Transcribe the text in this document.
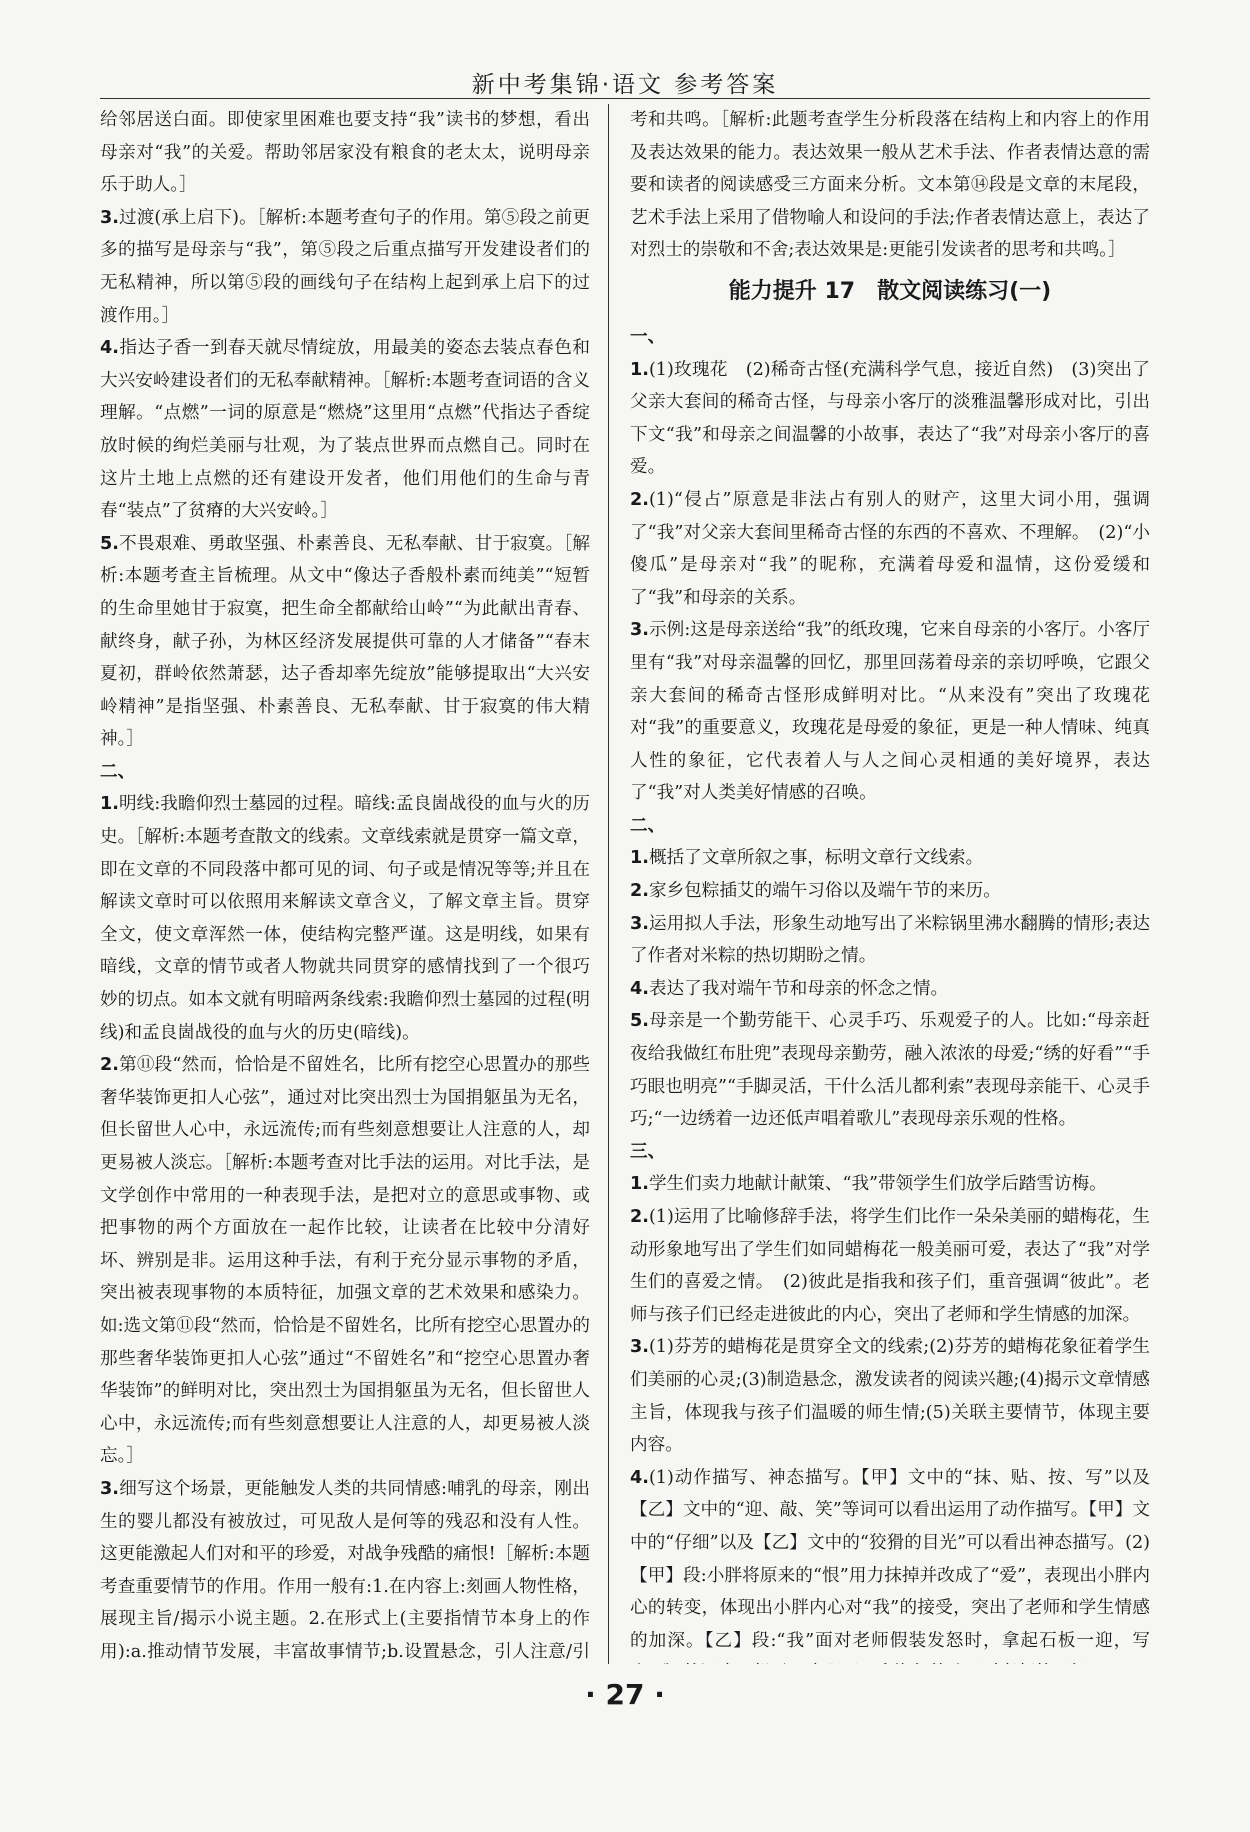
新中考集锦·语文 参考答案

给邻居送白面。即使家里困难也要支持“我”读书的梦想，看出母亲对“我”的关爱。帮助邻居家没有粮食的老太太，说明母亲乐于助人。］

3.过渡(承上启下)。［解析:本题考查句子的作用。第⑤段之前更多的描写是母亲与“我”，第⑤段之后重点描写开发建设者们的无私精神，所以第⑤段的画线句子在结构上起到承上启下的过渡作用。］

4.指达子香一到春天就尽情绽放，用最美的姿态去装点春色和大兴安岭建设者们的无私奉献精神。［解析:本题考查词语的含义理解。“点燃”一词的原意是“燃烧”这里用“点燃”代指达子香绽放时候的绚烂美丽与壮观，为了装点世界而点燃自己。同时在这片土地上点燃的还有建设开发者，他们用他们的生命与青春“装点”了贫瘠的大兴安岭。］

5.不畏艰难、勇敢坚强、朴素善良、无私奉献、甘于寂寞。［解析:本题考查主旨梳理。从文中“像达子香般朴素而纯美”“短暂的生命里她甘于寂寞，把生命全都献给山岭”“为此献出青春、献终身，献子孙，为林区经济发展提供可靠的人才储备”“春末夏初，群岭依然萧瑟，达子香却率先绽放”能够提取出“大兴安岭精神”是指坚强、朴素善良、无私奉献、甘于寂寞的伟大精神。］

二、

1.明线:我瞻仰烈士墓园的过程。暗线:孟良崮战役的血与火的历史。［解析:本题考查散文的线索。文章线索就是贯穿一篇文章，即在文章的不同段落中都可见的词、句子或是情况等等;并且在解读文章时可以依照用来解读文章含义，了解文章主旨。贯穿全文，使文章浑然一体，使结构完整严谨。这是明线，如果有暗线，文章的情节或者人物就共同贯穿的感情找到了一个很巧妙的切点。如本文就有明暗两条线索:我瞻仰烈士墓园的过程(明线)和孟良崮战役的血与火的历史(暗线)。

2.第⑪段“然而，恰恰是不留姓名，比所有挖空心思置办的那些奢华装饰更扣人心弦”，通过对比突出烈士为国捐躯虽为无名，但长留世人心中，永远流传;而有些刻意想要让人注意的人，却更易被人淡忘。［解析:本题考查对比手法的运用。对比手法，是文学创作中常用的一种表现手法，是把对立的意思或事物、或把事物的两个方面放在一起作比较，让读者在比较中分清好坏、辨别是非。运用这种手法，有利于充分显示事物的矛盾，突出被表现事物的本质特征，加强文章的艺术效果和感染力。如:选文第⑪段“然而，恰恰是不留姓名，比所有挖空心思置办的那些奢华装饰更扣人心弦”通过“不留姓名”和“挖空心思置办奢华装饰”的鲜明对比，突出烈士为国捐躯虽为无名，但长留世人心中，永远流传;而有些刻意想要让人注意的人，却更易被人淡忘。］

3.细写这个场景，更能触发人类的共同情感:哺乳的母亲，刚出生的婴儿都没有被放过，可见敌人是何等的残忍和没有人性。这更能激起人们对和平的珍爱，对战争残酷的痛恨!［解析:本题考查重要情节的作用。作用一般有:1.在内容上:刻画人物性格，展现主旨/揭示小说主题。2.在形式上(主要指情节本身上的作用):a.推动情节发展，丰富故事情节;b.设置悬念，引人注意/引

考和共鸣。［解析:此题考查学生分析段落在结构上和内容上的作用及表达效果的能力。表达效果一般从艺术手法、作者表情达意的需要和读者的阅读感受三方面来分析。文本第⑭段是文章的末尾段，艺术手法上采用了借物喻人和设问的手法;作者表情达意上，表达了对烈士的崇敬和不舍;表达效果是:更能引发读者的思考和共鸣。］

能力提升 17　散文阅读练习(一)

一、

1.(1)玫瑰花　(2)稀奇古怪(充满科学气息，接近自然)　(3)突出了父亲大套间的稀奇古怪，与母亲小客厅的淡雅温馨形成对比，引出下文“我”和母亲之间温馨的小故事，表达了“我”对母亲小客厅的喜爱。

2.(1)“侵占”原意是非法占有别人的财产，这里大词小用，强调了“我”对父亲大套间里稀奇古怪的东西的不喜欢、不理解。　(2)“小傻瓜”是母亲对“我”的昵称，充满着母爱和温情，这份爱缓和了“我”和母亲的关系。

3.示例:这是母亲送给“我”的纸玫瑰，它来自母亲的小客厅。小客厅里有“我”对母亲温馨的回忆，那里回荡着母亲的亲切呼唤，它跟父亲大套间的稀奇古怪形成鲜明对比。“从来没有”突出了玫瑰花对“我”的重要意义，玫瑰花是母爱的象征，更是一种人情味、纯真人性的象征，它代表着人与人之间心灵相通的美好境界，表达了“我”对人类美好情感的召唤。

二、

1.概括了文章所叙之事，标明文章行文线索。

2.家乡包粽插艾的端午习俗以及端午节的来历。

3.运用拟人手法，形象生动地写出了米粽锅里沸水翻腾的情形;表达了作者对米粽的热切期盼之情。

4.表达了我对端午节和母亲的怀念之情。

5.母亲是一个勤劳能干、心灵手巧、乐观爱子的人。比如:“母亲赶夜给我做红布肚兜”表现母亲勤劳，融入浓浓的母爱;“绣的好看”“手巧眼也明亮”“手脚灵活，干什么活儿都利索”表现母亲能干、心灵手巧;“一边绣着一边还低声唱着歌儿”表现母亲乐观的性格。

三、

1.学生们卖力地献计献策、“我”带领学生们放学后踏雪访梅。

2.(1)运用了比喻修辞手法，将学生们比作一朵朵美丽的蜡梅花，生动形象地写出了学生们如同蜡梅花一般美丽可爱，表达了“我”对学生们的喜爱之情。　(2)彼此是指我和孩子们，重音强调“彼此”。老师与孩子们已经走进彼此的内心，突出了老师和学生情感的加深。

3.(1)芬芳的蜡梅花是贯穿全文的线索;(2)芬芳的蜡梅花象征着学生们美丽的心灵;(3)制造悬念，激发读者的阅读兴趣;(4)揭示文章情感主旨，体现我与孩子们温暖的师生情;(5)关联主要情节，体现主要内容。

4.(1)动作描写、神态描写。【甲】文中的“抹、贴、按、写”以及【乙】文中的“迎、敲、笑”等词可以看出运用了动作描写。【甲】文中的“仔细”以及【乙】文中的“狡猾的目光”可以看出神态描写。(2)【甲】段:小胖将原来的“恨”用力抹掉并改成了“爱”，表现出小胖内心的转变，体现出小胖内心对“我”的接受，突出了老师和学生情感的加深。【乙】段:“我”面对老师假装发怒时，拿起石板一迎，写

· 27 ·
